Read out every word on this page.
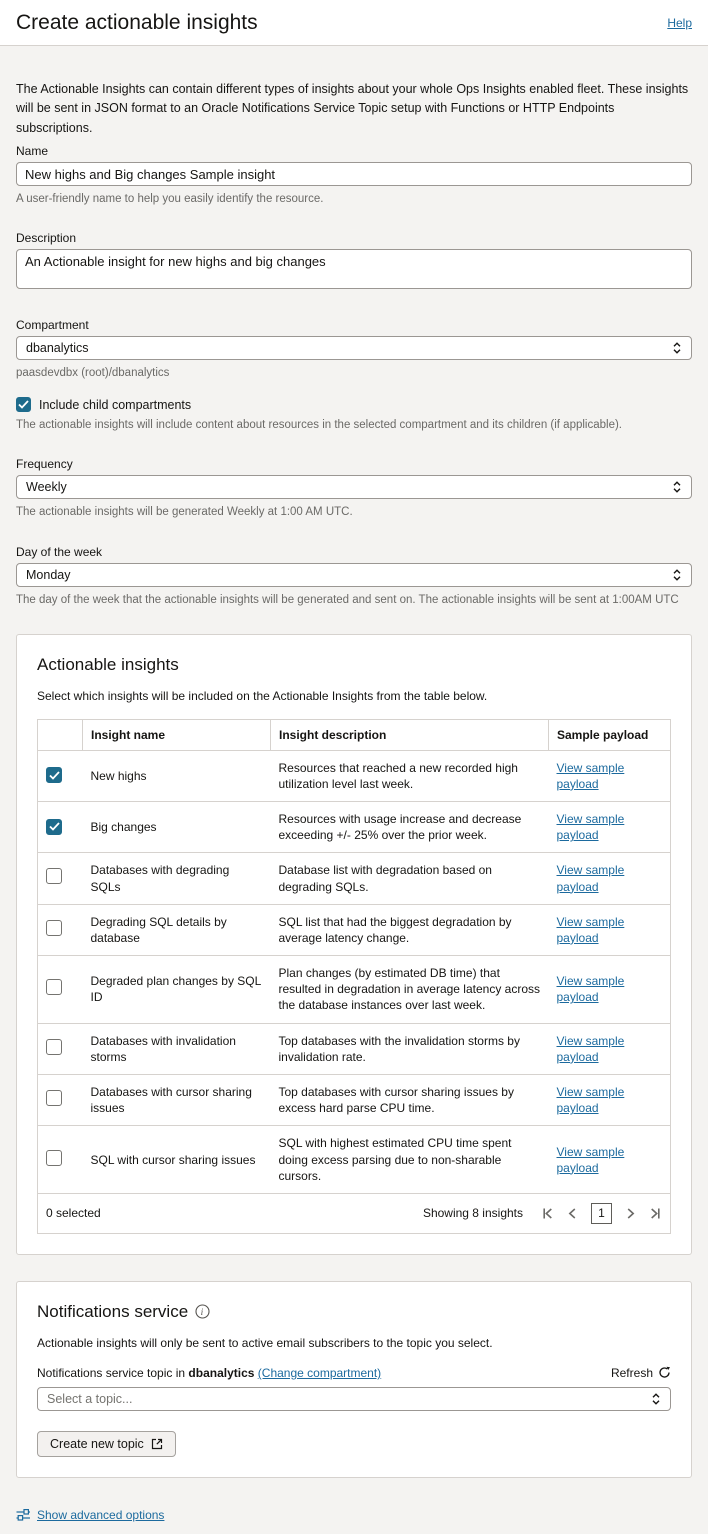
Create actionable insights	Help

The Actionable Insights can contain different types of insights about your whole Ops Insights enabled fleet. These insights will be sent in JSON format to an Oracle Notifications Service Topic setup with Functions or HTTP Endpoints subscriptions.

Name
New highs and Big changes Sample insight
A user-friendly name to help you easily identify the resource.
Description
An Actionable insight for new highs and big changes
Compartment
dbanalytics
paasdevdbx (root)/dbanalytics
Include child compartments
The actionable insights will include content about resources in the selected compartment and its children (if applicable).
Frequency
Weekly
The actionable insights will be generated Weekly at 1:00 AM UTC.
Day of the week
Monday
The day of the week that the actionable insights will be generated and sent on. The actionable insights will be sent at 1:00AM UTC
Actionable insights

Select which insights will be included on the Actionable Insights from the table below.

	Insight name	Insight description	Sample payload

	New highs	Resources that reached a new recorded high utilization level last week.	View sample payload

	Big changes	Resources with usage increase and decrease exceeding +/- 25% over the prior week.	View sample payload
	Databases with degrading SQLs	Database list with degradation based on degrading SQLs.	View sample payload
	Degrading SQL details by database	SQL list that had the biggest degradation by average latency change.	View sample payload
	Degraded plan changes by SQL ID	Plan changes (by estimated DB time) that resulted in degradation in average latency across the database instances over last week.	View sample payload
	Databases with invalidation storms	Top databases with the invalidation storms by invalidation rate.	View sample payload
	Databases with cursor sharing issues	Top databases with cursor sharing issues by excess hard parse CPU time.	View sample payload
	SQL with cursor sharing issues	SQL with highest estimated CPU time spent doing excess parsing due to non-sharable cursors.	View sample payload
0 selected	Showing 8 insights	1
Notifications service i

Actionable insights will only be sent to active email subscribers to the topic you select.

Notifications service topic in dbanalytics (Change compartment)	Refresh
Select a topic...
Create new topic
Show advanced options
